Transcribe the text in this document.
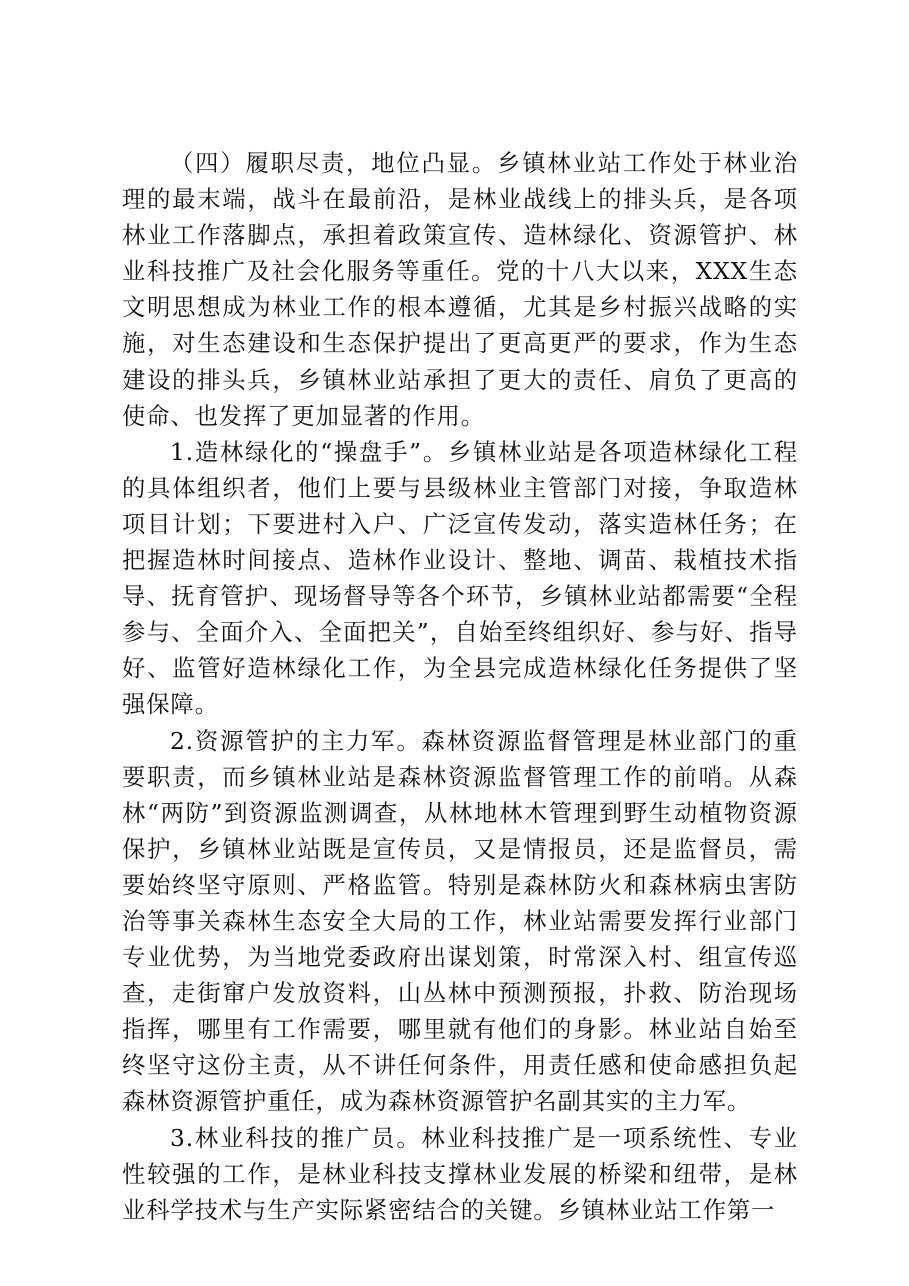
（四）履职尽责，地位凸显。乡镇林业站工作处于林业治理的最末端，战斗在最前沿，是林业战线上的排头兵，是各项林业工作落脚点，承担着政策宣传、造林绿化、资源管护、林业科技推广及社会化服务等重任。党的十八大以来，XXX生态文明思想成为林业工作的根本遵循，尤其是乡村振兴战略的实施，对生态建设和生态保护提出了更高更严的要求，作为生态建设的排头兵，乡镇林业站承担了更大的责任、肩负了更高的使命、也发挥了更加显著的作用。

1.造林绿化的“操盘手”。乡镇林业站是各项造林绿化工程的具体组织者，他们上要与县级林业主管部门对接，争取造林项目计划；下要进村入户、广泛宣传发动，落实造林任务；在把握造林时间接点、造林作业设计、整地、调苗、栽植技术指导、抚育管护、现场督导等各个环节，乡镇林业站都需要“全程参与、全面介入、全面把关”，自始至终组织好、参与好、指导好、监管好造林绿化工作，为全县完成造林绿化任务提供了坚强保障。

2.资源管护的主力军。森林资源监督管理是林业部门的重要职责，而乡镇林业站是森林资源监督管理工作的前哨。从森林“两防”到资源监测调查，从林地林木管理到野生动植物资源保护，乡镇林业站既是宣传员，又是情报员，还是监督员，需要始终坚守原则、严格监管。特别是森林防火和森林病虫害防治等事关森林生态安全大局的工作，林业站需要发挥行业部门专业优势，为当地党委政府出谋划策，时常深入村、组宣传巡查，走街窜户发放资料，山丛林中预测预报，扑救、防治现场指挥，哪里有工作需要，哪里就有他们的身影。林业站自始至终坚守这份主责，从不讲任何条件，用责任感和使命感担负起森林资源管护重任，成为森林资源管护名副其实的主力军。

3.林业科技的推广员。林业科技推广是一项系统性、专业性较强的工作，是林业科技支撑林业发展的桥梁和纽带，是林业科学技术与生产实际紧密结合的关键。乡镇林业站工作第一
